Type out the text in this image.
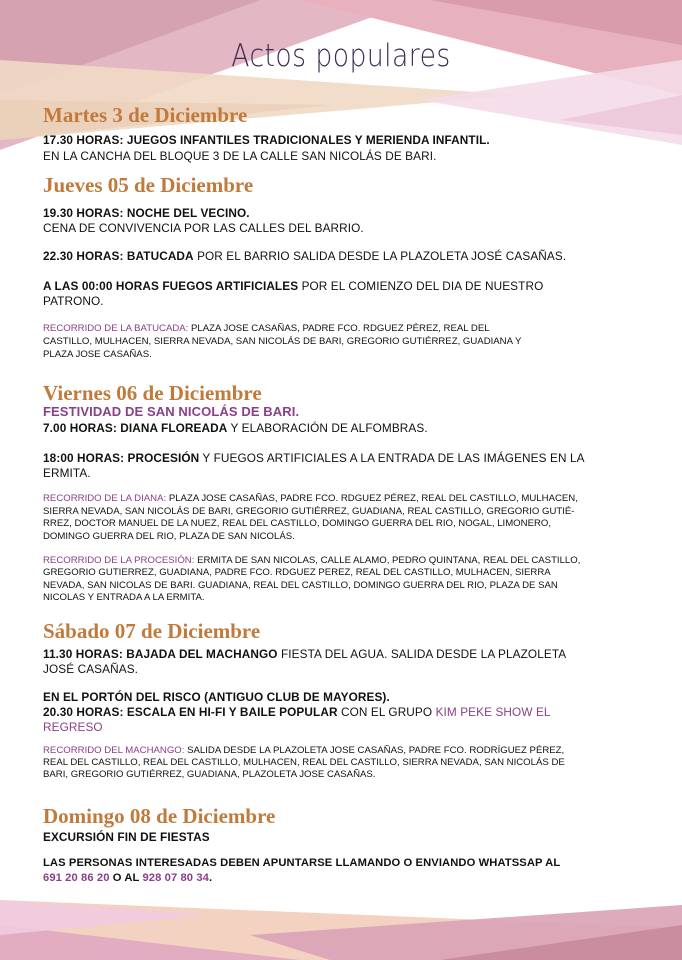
Actos populares
Martes 3 de Diciembre
17.30 HORAS: JUEGOS INFANTILES TRADICIONALES Y MERIENDA INFANTIL.
EN LA CANCHA DEL BLOQUE 3 DE LA CALLE SAN NICOLÁS DE BARI.
Jueves 05 de Diciembre
19.30 HORAS: NOCHE DEL VECINO.
CENA DE CONVIVENCIA POR LAS CALLES DEL BARRIO.
22.30 HORAS: BATUCADA POR EL BARRIO SALIDA DESDE LA PLAZOLETA JOSÉ CASAÑAS.
A LAS 00:00 HORAS FUEGOS ARTIFICIALES POR EL COMIENZO DEL DIA DE NUESTRO
PATRONO.
RECORRIDO DE LA BATUCADA: PLAZA JOSE CASAÑAS, PADRE FCO. RDGUEZ PÉREZ, REAL DEL
CASTILLO, MULHACEN, SIERRA NEVADA, SAN NICOLÁS DE BARI, GREGORIO GUTIÉRREZ, GUADIANA Y
PLAZA JOSE CASAÑAS.
Viernes 06 de Diciembre
FESTIVIDAD DE SAN NICOLÁS DE BARI.
7.00 HORAS: DIANA FLOREADA Y ELABORACIÓN DE ALFOMBRAS.
18:00 HORAS: PROCESIÓN Y FUEGOS ARTIFICIALES A LA ENTRADA DE LAS IMÁGENES EN LA
ERMITA.
RECORRIDO DE LA DIANA: PLAZA JOSE CASAÑAS, PADRE FCO. RDGUEZ PÉREZ, REAL DEL CASTILLO, MULHACEN,
SIERRA NEVADA, SAN NICOLÁS DE BARI, GREGORIO GUTIÉRREZ, GUADIANA, REAL CASTILLO, GREGORIO GUTIÉ-
RREZ, DOCTOR MANUEL DE LA NUEZ, REAL DEL CASTILLO, DOMINGO GUERRA DEL RIO, NOGAL, LIMONERO,
DOMINGO GUERRA DEL RIO, PLAZA DE SAN NICOLÁS.
RECORRIDO DE LA PROCESIÓN: ERMITA DE SAN NICOLAS, CALLE ALAMO, PEDRO QUINTANA, REAL DEL CASTILLO,
GREGORIO GUTIERREZ, GUADIANA, PADRE FCO. RDGUEZ PEREZ, REAL DEL CASTILLO, MULHACEN, SIERRA
NEVADA, SAN NICOLAS DE BARI. GUADIANA, REAL DEL CASTILLO, DOMINGO GUERRA DEL RIO, PLAZA DE SAN
NICOLAS Y ENTRADA A LA ERMITA.
Sábado 07 de Diciembre
11.30 HORAS: BAJADA DEL MACHANGO FIESTA DEL AGUA. SALIDA DESDE LA PLAZOLETA
JOSÉ CASAÑAS.
EN EL PORTÓN DEL RISCO (ANTIGUO CLUB DE MAYORES).
20.30 HORAS: ESCALA EN HI-FI Y BAILE POPULAR CON EL GRUPO KIM PEKE SHOW EL
REGRESO
RECORRIDO DEL MACHANGO: SALIDA DESDE LA PLAZOLETA JOSE CASAÑAS, PADRE FCO. RODRÍGUEZ PÉREZ,
REAL DEL CASTILLO, REAL DEL CASTILLO, MULHACEN, REAL DEL CASTILLO, SIERRA NEVADA, SAN NICOLÁS DE
BARI, GREGORIO GUTIÉRREZ, GUADIANA, PLAZOLETA JOSE CASAÑAS.
Domingo 08 de Diciembre
EXCURSIÓN FIN DE FIESTAS
LAS PERSONAS INTERESADAS DEBEN APUNTARSE LLAMANDO O ENVIANDO WHATSSAP AL
691 20 86 20 O AL 928 07 80 34.
